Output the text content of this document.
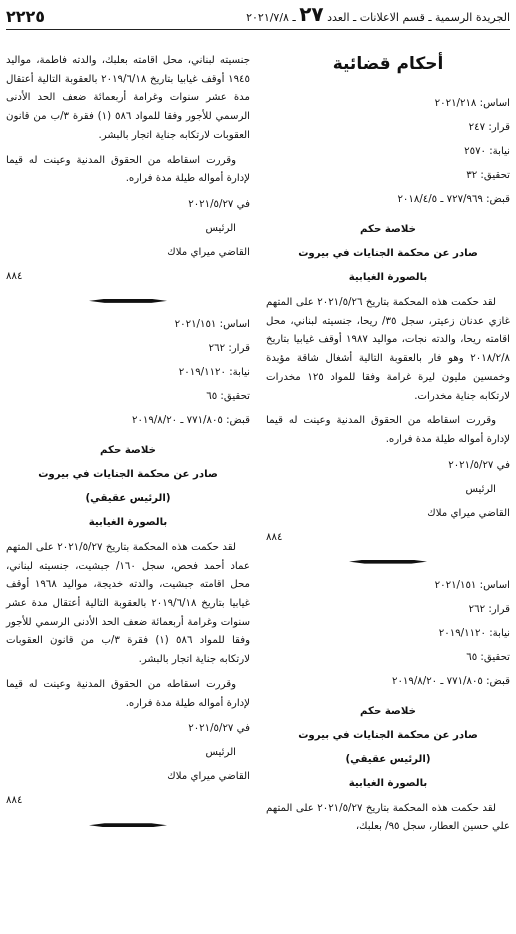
الجريدة الرسمية ـ قسم الاعلانات ـ العدد ٢٧ ـ ٢٠٢١/٧/٨
٢٢٢٥
أحكام قضائية
اساس: ٢٠٢١/٢١٨
قرار: ٢٤٧
نيابة: ٢٥٧٠
تحقيق: ٣٢
قبض: ٧٢٧/٩٦٩ ـ ٢٠١٨/٤/٥
خلاصة حكم
صادر عن محكمة الجنايات في بيروت
بالصورة الغيابية

لقد حكمت هذه المحكمة بتاريخ ٢٠٢١/٥/٢٦ على المتهم غازي عدنان زعيتر، سجل ٣٥/ ريحا، جنسيته لبناني، محل اقامته ريحا، والدته نجات، مواليد ١٩٨٧ أوقف غيابيا بتاريخ ٢٠١٨/٢/٨ وهو فار بالعقوبة التالية أشغال شاقة مؤبدة وخمسين مليون ليرة غرامة وفقا للمواد ١٢٥ مخدرات لارتكابه جناية مخدرات.

وقررت اسقاطه من الحقوق المدنية وعينت له قيما لإدارة أمواله طيلة مدة فراره.

في ٢٠٢١/٥/٢٧
الرئيس
القاضي ميراي ملاك
٨٨٤
اساس: ٢٠٢١/١٥١
قرار: ٢٦٢
نيابة: ٢٠١٩/١١٢٠
تحقيق: ٦٥
قبض: ٧٧١/٨٠٥ ـ ٢٠١٩/٨/٢٠
خلاصة حكم
صادر عن محكمة الجنايات في بيروت
(الرئيس عقيقي)
بالصورة الغيابية

لقد حكمت هذه المحكمة بتاريخ ٢٠٢١/٥/٢٧ على المتهم علي حسين العطار، سجل ٩٥/ بعلبك،

جنسيته لبناني، محل اقامته بعلبك، والدته فاطمة، مواليد ١٩٤٥ أوقف غيابيا بتاريخ ٢٠١٩/٦/١٨ بالعقوبة التالية أعتقال مدة عشر سنوات وغرامة أربعمائة ضعف الحد الأدنى الرسمي للأجور وفقا للمواد ٥٨٦ (١) فقرة ٣/ب من قانون العقوبات لارتكابه جناية اتجار بالبشر.

وقررت اسقاطه من الحقوق المدنية وعينت له قيما لإدارة أمواله طيلة مدة فراره.

في ٢٠٢١/٥/٢٧
الرئيس
القاضي ميراي ملاك
٨٨٤
اساس: ٢٠٢١/١٥١
قرار: ٢٦٢
نيابة: ٢٠١٩/١١٢٠
تحقيق: ٦٥
قبض: ٧٧١/٨٠٥ ـ ٢٠١٩/٨/٢٠
خلاصة حكم
صادر عن محكمة الجنايات في بيروت
(الرئيس عقيقي)
بالصورة الغيابية

لقد حكمت هذه المحكمة بتاريخ ٢٠٢١/٥/٢٧ على المتهم عماد أحمد فحص، سجل ١٦٠/ جبشيت، جنسيته لبناني، محل اقامته جبشيت، والدته خديجة، مواليد ١٩٦٨ أوقف غيابيا بتاريخ ٢٠١٩/٦/١٨ بالعقوبة التالية أعتقال مدة عشر سنوات وغرامة أربعمائة ضعف الحد الأدنى الرسمي للأجور وفقا للمواد ٥٨٦ (١) فقرة ٣/ب من قانون العقوبات لارتكابه جناية اتجار بالبشر.

وقررت اسقاطه من الحقوق المدنية وعينت له قيما لإدارة أمواله طيلة مدة فراره.

في ٢٠٢١/٥/٢٧
الرئيس
القاضي ميراي ملاك
٨٨٤
